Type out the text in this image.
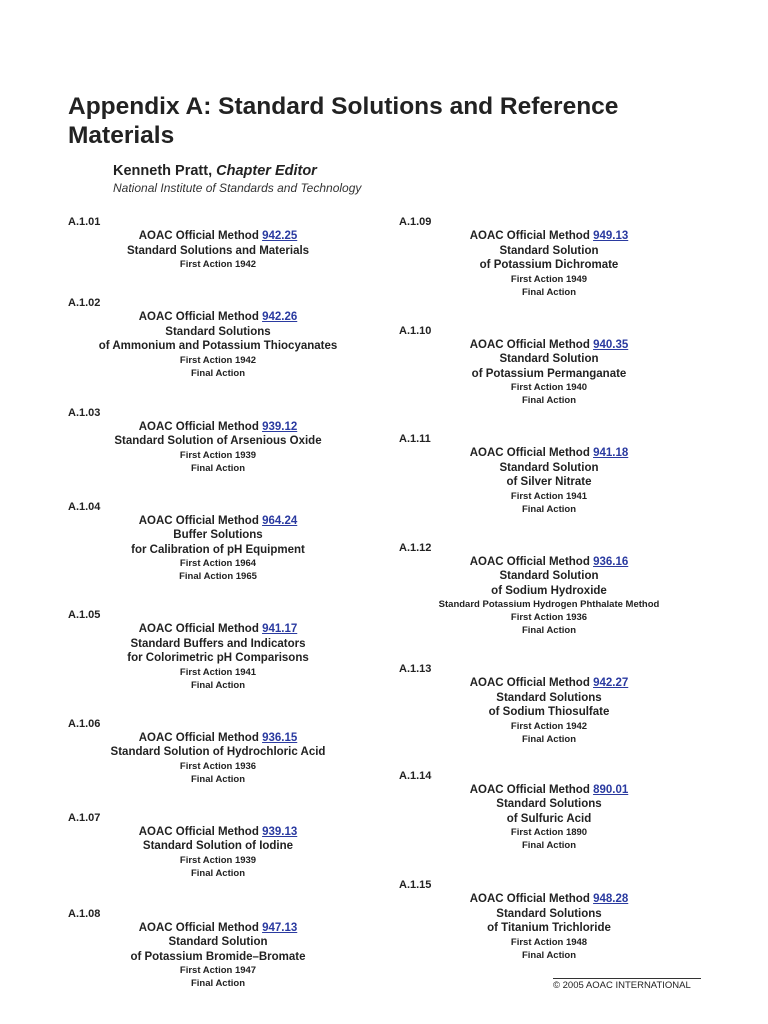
Appendix A: Standard Solutions and Reference Materials
Kenneth Pratt, Chapter Editor
National Institute of Standards and Technology
A.1.01
AOAC Official Method 942.25
Standard Solutions and Materials
First Action 1942
A.1.02
AOAC Official Method 942.26
Standard Solutions
of Ammonium and Potassium Thiocyanates
First Action 1942
Final Action
A.1.03
AOAC Official Method 939.12
Standard Solution of Arsenious Oxide
First Action 1939
Final Action
A.1.04
AOAC Official Method 964.24
Buffer Solutions
for Calibration of pH Equipment
First Action 1964
Final Action 1965
A.1.05
AOAC Official Method 941.17
Standard Buffers and Indicators
for Colorimetric pH Comparisons
First Action 1941
Final Action
A.1.06
AOAC Official Method 936.15
Standard Solution of Hydrochloric Acid
First Action 1936
Final Action
A.1.07
AOAC Official Method 939.13
Standard Solution of Iodine
First Action 1939
Final Action
A.1.08
AOAC Official Method 947.13
Standard Solution
of Potassium Bromide–Bromate
First Action 1947
Final Action
A.1.09
AOAC Official Method 949.13
Standard Solution
of Potassium Dichromate
First Action 1949
Final Action
A.1.10
AOAC Official Method 940.35
Standard Solution
of Potassium Permanganate
First Action 1940
Final Action
A.1.11
AOAC Official Method 941.18
Standard Solution
of Silver Nitrate
First Action 1941
Final Action
A.1.12
AOAC Official Method 936.16
Standard Solution
of Sodium Hydroxide
Standard Potassium Hydrogen Phthalate Method
First Action 1936
Final Action
A.1.13
AOAC Official Method 942.27
Standard Solutions
of Sodium Thiosulfate
First Action 1942
Final Action
A.1.14
AOAC Official Method 890.01
Standard Solutions
of Sulfuric Acid
First Action 1890
Final Action
A.1.15
AOAC Official Method 948.28
Standard Solutions
of Titanium Trichloride
First Action 1948
Final Action
© 2005 AOAC INTERNATIONAL
